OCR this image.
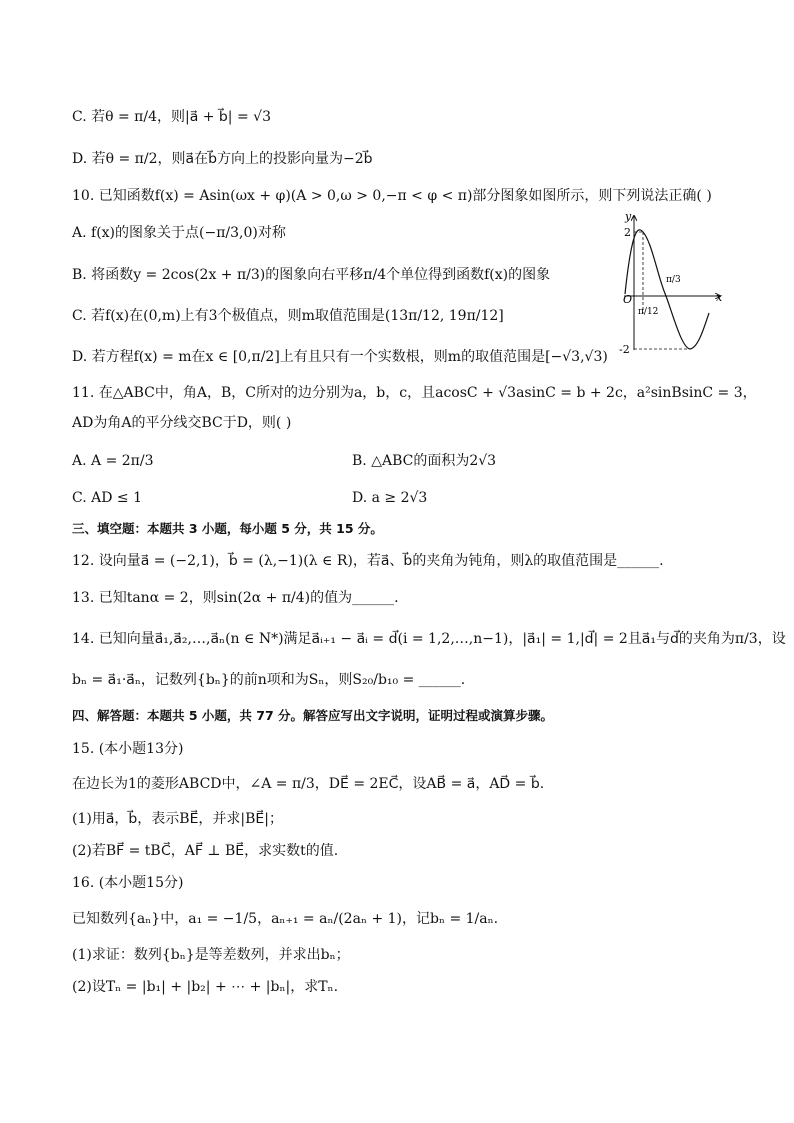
C. 若θ = π/4，则|a⃗ + b⃗| = √3
D. 若θ = π/2，则a⃗在b⃗方向上的投影向量为−2b⃗
10. 已知函数f(x) = Asin(ωx + φ)(A > 0,ω > 0,−π < φ < π)部分图象如图所示，则下列说法正确( )
A. f(x)的图象关于点(−π/3,0)对称
B. 将函数y = 2cos(2x + π/3)的图象向右平移π/4个单位得到函数f(x)的图象
C. 若f(x)在(0,m)上有3个极值点，则m取值范围是(13π/12, 19π/12]
D. 若方程f(x) = m在x ∈ [0,π/2]上有且只有一个实数根，则m的取值范围是[−√3,√3)
11. 在△ABC中，角A，B，C所对的边分别为a，b，c，且acosC + √3asinC = b + 2c，a²sinBsinC = 3，
AD为角A的平分线交BC于D，则( )
A. A = 2π/3	B. △ABC的面积为2√3
C. AD ≤ 1	D. a ≥ 2√3
三、填空题：本题共 3 小题，每小题 5 分，共 15 分。
12. 设向量a⃗ = (−2,1)，b⃗ = (λ,−1)(λ ∈ R)，若a⃗、b⃗的夹角为钝角，则λ的取值范围是______.
13. 已知tanα = 2，则sin(2α + π/4)的值为______.
14. 已知向量a⃗₁,a⃗₂,…,a⃗ₙ(n ∈ N*)满足a⃗ᵢ₊₁ − a⃗ᵢ = d⃗(i = 1,2,…,n−1)，|a⃗₁| = 1,|d⃗| = 2且a⃗₁与d⃗的夹角为π/3，设
bₙ = a⃗₁·a⃗ₙ，记数列{bₙ}的前n项和为Sₙ，则S₂₀/b₁₀ = ______.
四、解答题：本题共 5 小题，共 77 分。解答应写出文字说明，证明过程或演算步骤。
15. (本小题13分)
在边长为1的菱形ABCD中，∠A = π/3，DE⃗ = 2EC⃗，设AB⃗ = a⃗，AD⃗ = b⃗.
(1)用a⃗，b⃗，表示BE⃗，并求|BE⃗|；
(2)若BF⃗ = tBC⃗，AF⃗ ⊥ BE⃗，求实数t的值.
16. (本小题15分)
已知数列{aₙ}中，a₁ = −1/5，aₙ₊₁ = aₙ/(2aₙ + 1)，记bₙ = 1/aₙ.
(1)求证：数列{bₙ}是等差数列，并求出bₙ；
(2)设Tₙ = |b₁| + |b₂| + ⋯ + |bₙ|，求Tₙ.
y
x
O
2
-2
π/12
π/3
